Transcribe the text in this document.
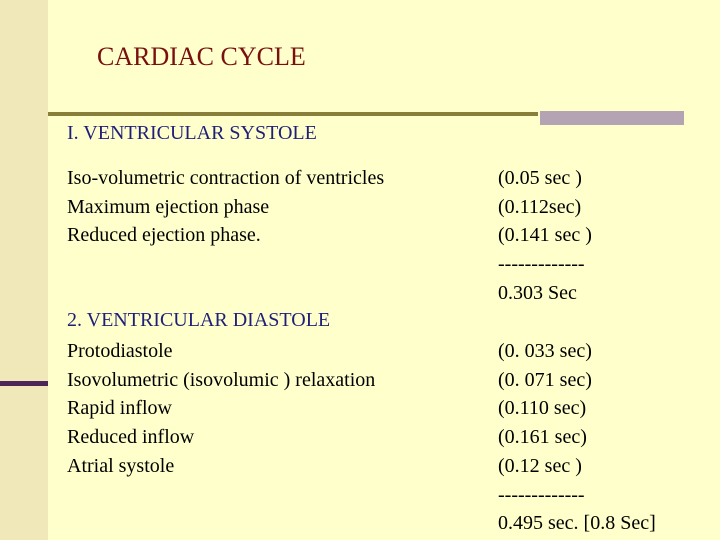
CARDIAC CYCLE
I. VENTRICULAR SYSTOLE
Iso-volumetric contraction of ventricles
Maximum ejection phase
Reduced ejection phase.
(0.05 sec )
(0.112sec)
(0.141 sec )
-------------
0.303 Sec
2. VENTRICULAR DIASTOLE
Protodiastole
Isovolumetric (isovolumic ) relaxation
Rapid inflow
Reduced inflow
Atrial systole
(0. 033 sec)
(0. 071 sec)
(0.110 sec)
(0.161 sec)
(0.12 sec )
-------------
0.495 sec. [0.8 Sec]
